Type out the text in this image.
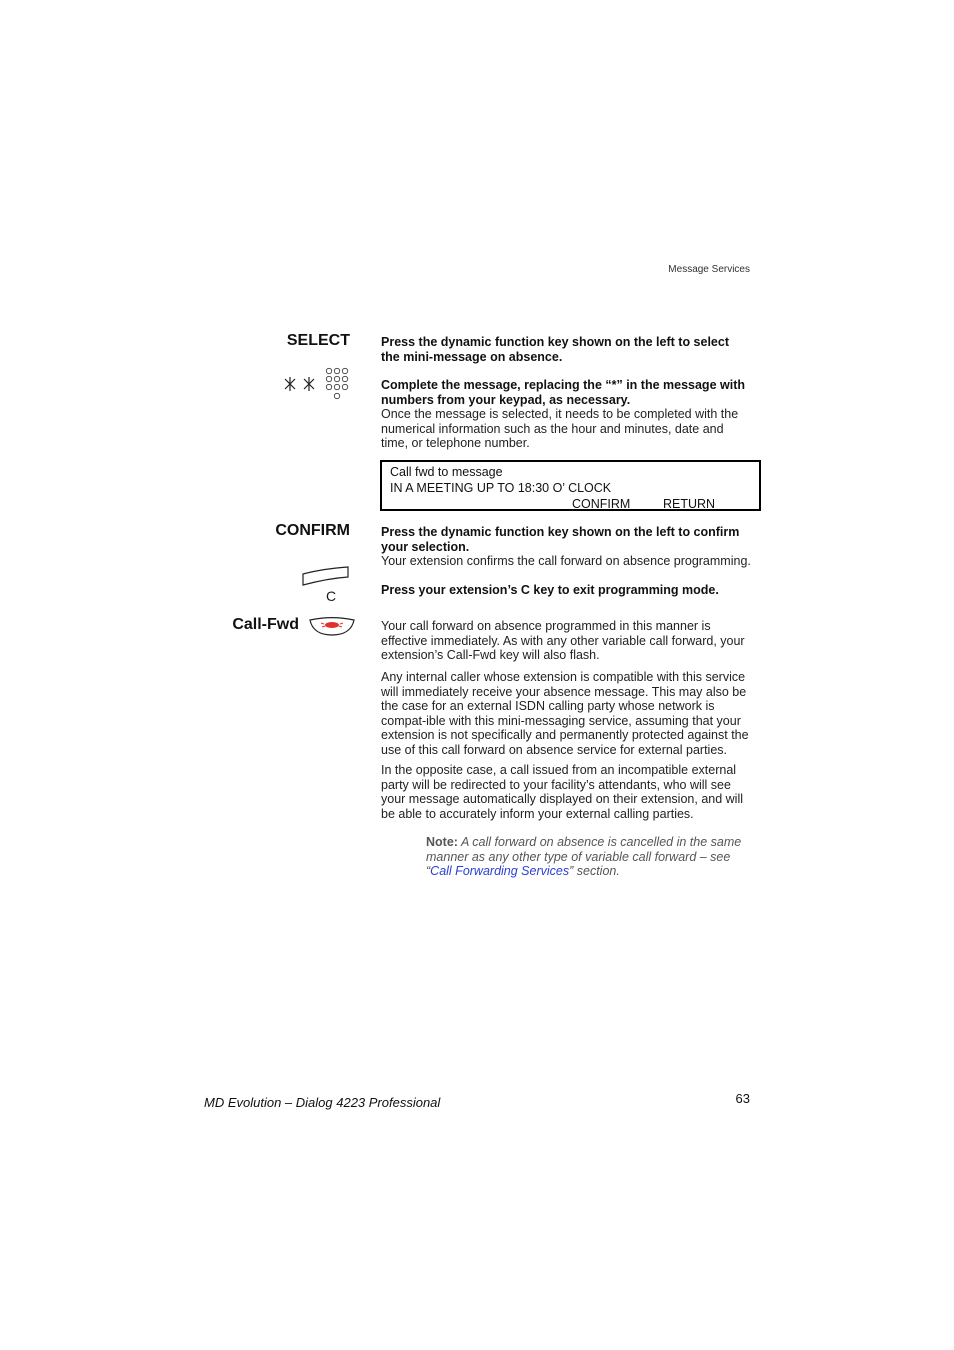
Message Services
SELECT
CONFIRM
C
Call-Fwd
Press the dynamic function key shown on the left to select the mini-message on absence.
Complete the message, replacing the “*” in the message with numbers from your keypad, as necessary.
Once the message is selected, it needs to be completed with the numerical information such as the hour and minutes, date and time, or telephone number.
Call fwd to message
IN A MEETING UP TO 18:30 O’ CLOCK
CONFIRM	RETURN
Press the dynamic function key shown on the left to confirm your selection.
Your extension confirms the call forward on absence programming.
Press your extension’s C key to exit programming mode.
Your call forward on absence programmed in this manner is effective immediately. As with any other variable call forward, your extension’s Call-Fwd key will also flash.
Any internal caller whose extension is compatible with this service will immediately receive your absence message. This may also be the case for an external ISDN calling party whose network is compat-ible with this mini-messaging service, assuming that your extension is not specifically and permanently protected against the use of this call forward on absence service for external parties.
In the opposite case, a call issued from an incompatible external party will be redirected to your facility’s attendants, who will see your message automatically displayed on their extension, and will be able to accurately inform your external calling parties.
Note: A call forward on absence is cancelled in the same manner as any other type of variable call forward – see “Call Forwarding Services” section.
MD Evolution – Dialog 4223 Professional	63
